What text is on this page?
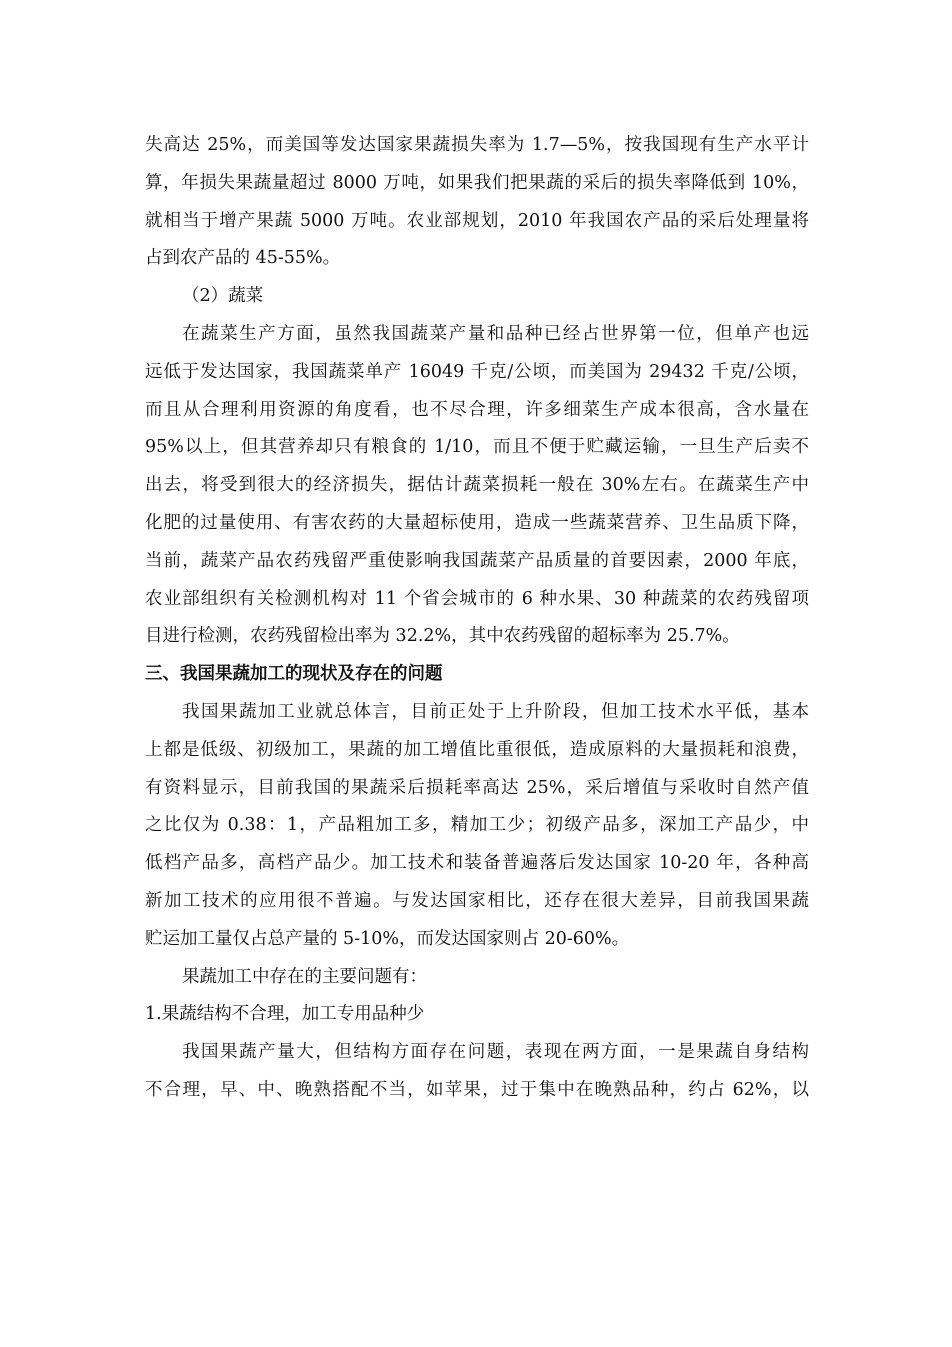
失高达 25%，而美国等发达国家果蔬损失率为 1.7—5%，按我国现有生产水平计
算，年损失果蔬量超过 8000 万吨，如果我们把果蔬的采后的损失率降低到 10%，
就相当于增产果蔬 5000 万吨。农业部规划，2010 年我国农产品的采后处理量将
占到农产品的 45-55%。
（2）蔬菜
在蔬菜生产方面，虽然我国蔬菜产量和品种已经占世界第一位，但单产也远
远低于发达国家，我国蔬菜单产 16049 千克/公顷，而美国为 29432 千克/公顷，
而且从合理利用资源的角度看，也不尽合理，许多细菜生产成本很高，含水量在
95%以上，但其营养却只有粮食的 1/10，而且不便于贮藏运输，一旦生产后卖不
出去，将受到很大的经济损失，据估计蔬菜损耗一般在 30%左右。在蔬菜生产中
化肥的过量使用、有害农药的大量超标使用，造成一些蔬菜营养、卫生品质下降，
当前，蔬菜产品农药残留严重使影响我国蔬菜产品质量的首要因素，2000 年底，
农业部组织有关检测机构对 11 个省会城市的 6 种水果、30 种蔬菜的农药残留项
目进行检测，农药残留检出率为 32.2%，其中农药残留的超标率为 25.7%。
三、我国果蔬加工的现状及存在的问题
我国果蔬加工业就总体言，目前正处于上升阶段，但加工技术水平低，基本
上都是低级、初级加工，果蔬的加工增值比重很低，造成原料的大量损耗和浪费，
有资料显示，目前我国的果蔬采后损耗率高达 25%，采后增值与采收时自然产值
之比仅为 0.38：1，产品粗加工多，精加工少；初级产品多，深加工产品少，中
低档产品多，高档产品少。加工技术和装备普遍落后发达国家 10-20 年，各种高
新加工技术的应用很不普遍。与发达国家相比，还存在很大差异，目前我国果蔬
贮运加工量仅占总产量的 5-10%，而发达国家则占 20-60%。
果蔬加工中存在的主要问题有：
1.果蔬结构不合理，加工专用品种少
我国果蔬产量大，但结构方面存在问题，表现在两方面，一是果蔬自身结构
不合理，早、中、晚熟搭配不当，如苹果，过于集中在晚熟品种，约占 62%，以
